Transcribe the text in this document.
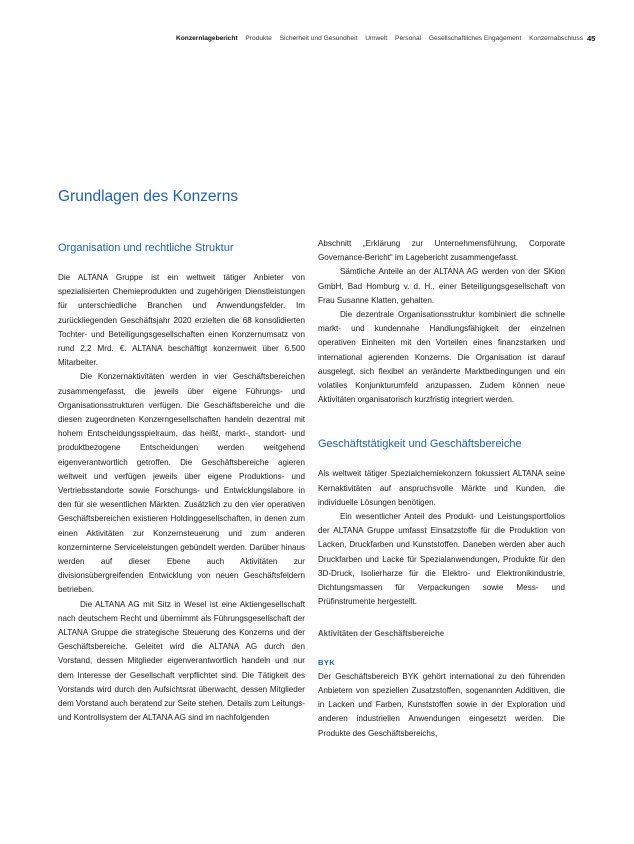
Konzernlagebericht Produkte Sicherheit und Gesundheit Umwelt Personal Gesellschaftliches Engagement Konzernabschluss 45
Grundlagen des Konzerns
Organisation und rechtliche Struktur

Die ALTANA Gruppe ist ein weltweit tätiger Anbieter von spezialisierten Chemieprodukten und zugehörigen Dienstleistungen für unterschiedliche Branchen und Anwendungsfelder. Im zurückliegenden Geschäftsjahr 2020 erzielten die 68 konsolidierten Tochter- und Beteiligungsgesellschaften einen Konzernumsatz von rund 2,2 Mrd. €. ALTANA beschäftigt konzernweit über 6.500 Mitarbeiter.

Die Konzernaktivitäten werden in vier Geschäftsbereichen zusammengefasst, die jeweils über eigene Führungs- und Organisationsstrukturen verfügen. Die Geschäftsbereiche und die diesen zugeordneten Konzerngesellschaften handeln dezentral mit hohem Entscheidungsspielraum, das heißt, markt-, standort- und produktbezogene Entscheidungen werden weitgehend eigenverantwortlich getroffen. Die Geschäftsbereiche agieren weltweit und verfügen jeweils über eigene Produktions- und Vertriebsstandorte sowie Forschungs- und Entwicklungslabore in den für sie wesentlichen Märkten. Zusätzlich zu den vier operativen Geschäftsbereichen existieren Holdinggesellschaften, in denen zum einen Aktivitäten zur Konzernsteuerung und zum anderen konzerninterne Serviceleistungen gebündelt werden. Darüber hinaus werden auf dieser Ebene auch Aktivitäten zur divisionsübergreifenden Entwicklung von neuen Geschäftsfeldern betrieben.

Die ALTANA AG mit Sitz in Wesel ist eine Aktiengesellschaft nach deutschem Recht und übernimmt als Führungsgesellschaft der ALTANA Gruppe die strategische Steuerung des Konzerns und der Geschäftsbereiche. Geleitet wird die ALTANA AG durch den Vorstand, dessen Mitglieder eigenverantwortlich handeln und nur dem Interesse der Gesellschaft verpflichtet sind. Die Tätigkeit des Vorstands wird durch den Aufsichtsrat überwacht, dessen Mitglieder dem Vorstand auch beratend zur Seite stehen. Details zum Leitungs- und Kontrollsystem der ALTANA AG sind im nachfolgenden

Abschnitt „Erklärung zur Unternehmensführung, Corporate Governance-Bericht“ im Lagebericht zusammengefasst.

Sämtliche Anteile an der ALTANA AG werden von der SKion GmbH, Bad Homburg v. d. H., einer Beteiligungsgesellschaft von Frau Susanne Klatten, gehalten.

Die dezentrale Organisationsstruktur kombiniert die schnelle markt- und kundennahe Handlungsfähigkeit der einzelnen operativen Einheiten mit den Vorteilen eines finanzstarken und international agierenden Konzerns. Die Organisation ist darauf ausgelegt, sich flexibel an veränderte Marktbedingungen und ein volatiles Konjunkturumfeld anzupassen. Zudem können neue Aktivitäten organisatorisch kurzfristig integriert werden.

Geschäftstätigkeit und Geschäftsbereiche

Als weltweit tätiger Spezialchemiekonzern fokussiert ALTANA seine Kernaktivitäten auf anspruchsvolle Märkte und Kunden, die individuelle Lösungen benötigen.

Ein wesentlicher Anteil des Produkt- und Leistungsportfolios der ALTANA Gruppe umfasst Einsatzstoffe für die Produktion von Lacken, Druckfarben und Kunststoffen. Daneben werden aber auch Druckfarben und Lacke für Spezialanwendungen, Produkte für den 3D-Druck, Isolierharze für die Elektro- und Elektronikindustrie, Dichtungsmassen für Verpackungen sowie Mess- und Prüfinstrumente hergestellt.

Aktivitäten der Geschäftsbereiche
BYK

Der Geschäftsbereich BYK gehört international zu den führenden Anbietern von speziellen Zusatzstoffen, sogenannten Additiven, die in Lacken und Farben, Kunststoffen sowie in der Exploration und anderen industriellen Anwendungen eingesetzt werden. Die Produkte des Geschäftsbereichs,
